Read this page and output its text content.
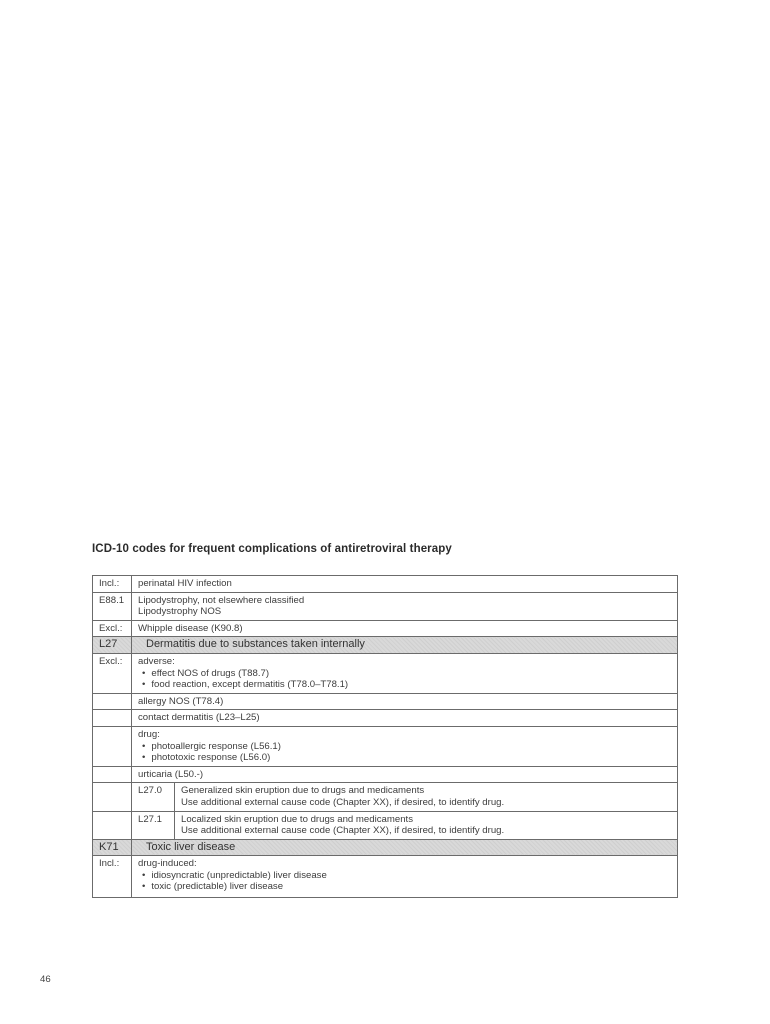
ICD-10 codes for frequent complications of antiretroviral therapy
Incl.:	perinatal HIV infection
E88.1	Lipodystrophy, not elsewhere classified
Lipodystrophy NOS

Excl.:	Whipple disease (K90.8)
L27	Dermatitis due to substances taken internally
Excl.:	adverse:
• effect NOS of drugs (T88.7)
• food reaction, except dermatitis (T78.0–T78.1)

	allergy NOS (T78.4)
	contact dermatitis (L23–L25)

	drug:
• photoallergic response (L56.1)
• phototoxic response (L56.0)

	urticaria (L50.-)

	L27.0 Generalized skin eruption due to drugs and medicaments
Use additional external cause code (Chapter XX), if desired, to identify drug.

	L27.1 Localized skin eruption due to drugs and medicaments
Use additional external cause code (Chapter XX), if desired, to identify drug.

K71	Toxic liver disease
Incl.:	drug-induced:
• idiosyncratic (unpredictable) liver disease
• toxic (predictable) liver disease
46
